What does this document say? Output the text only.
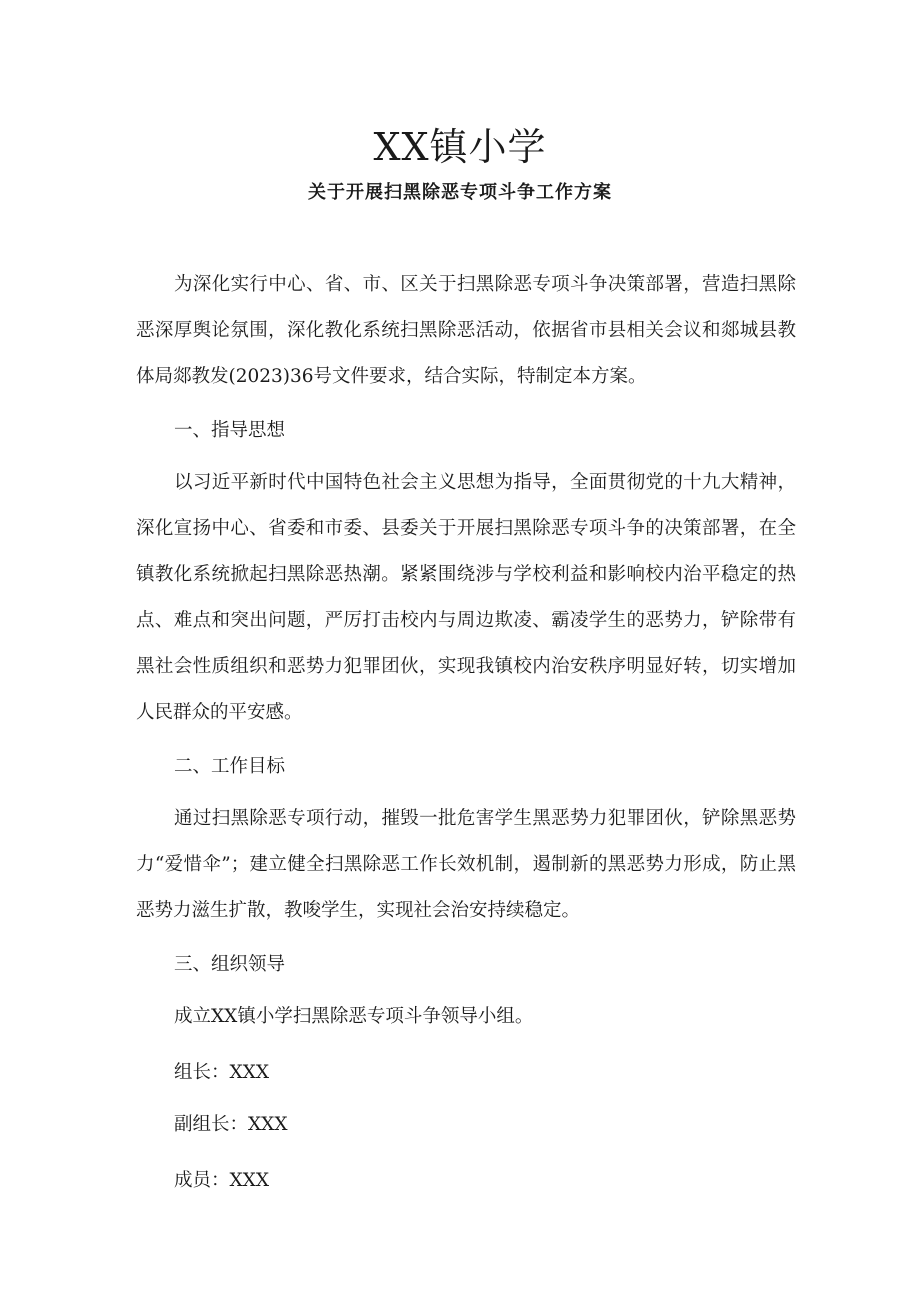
XX镇小学
关于开展扫黑除恶专项斗争工作方案

为深化实行中心、省、市、区关于扫黑除恶专项斗争决策部署，营造扫黑除恶深厚舆论氛围，深化教化系统扫黑除恶活动，依据省市县相关会议和郯城县教体局郯教发(2023)36号文件要求，结合实际，特制定本方案。

一、指导思想

以习近平新时代中国特色社会主义思想为指导，全面贯彻党的十九大精神，深化宣扬中心、省委和市委、县委关于开展扫黑除恶专项斗争的决策部署，在全镇教化系统掀起扫黑除恶热潮。紧紧围绕涉与学校利益和影响校内治平稳定的热点、难点和突出问题，严厉打击校内与周边欺凌、霸凌学生的恶势力，铲除带有黑社会性质组织和恶势力犯罪团伙，实现我镇校内治安秩序明显好转，切实增加人民群众的平安感。

二、工作目标

通过扫黑除恶专项行动，摧毁一批危害学生黑恶势力犯罪团伙，铲除黑恶势力“爱惜伞”；建立健全扫黑除恶工作长效机制，遏制新的黑恶势力形成，防止黑恶势力滋生扩散，教唆学生，实现社会治安持续稳定。

三、组织领导

成立XX镇小学扫黑除恶专项斗争领导小组。

组长：XXX

副组长：XXX

成员：XXX
